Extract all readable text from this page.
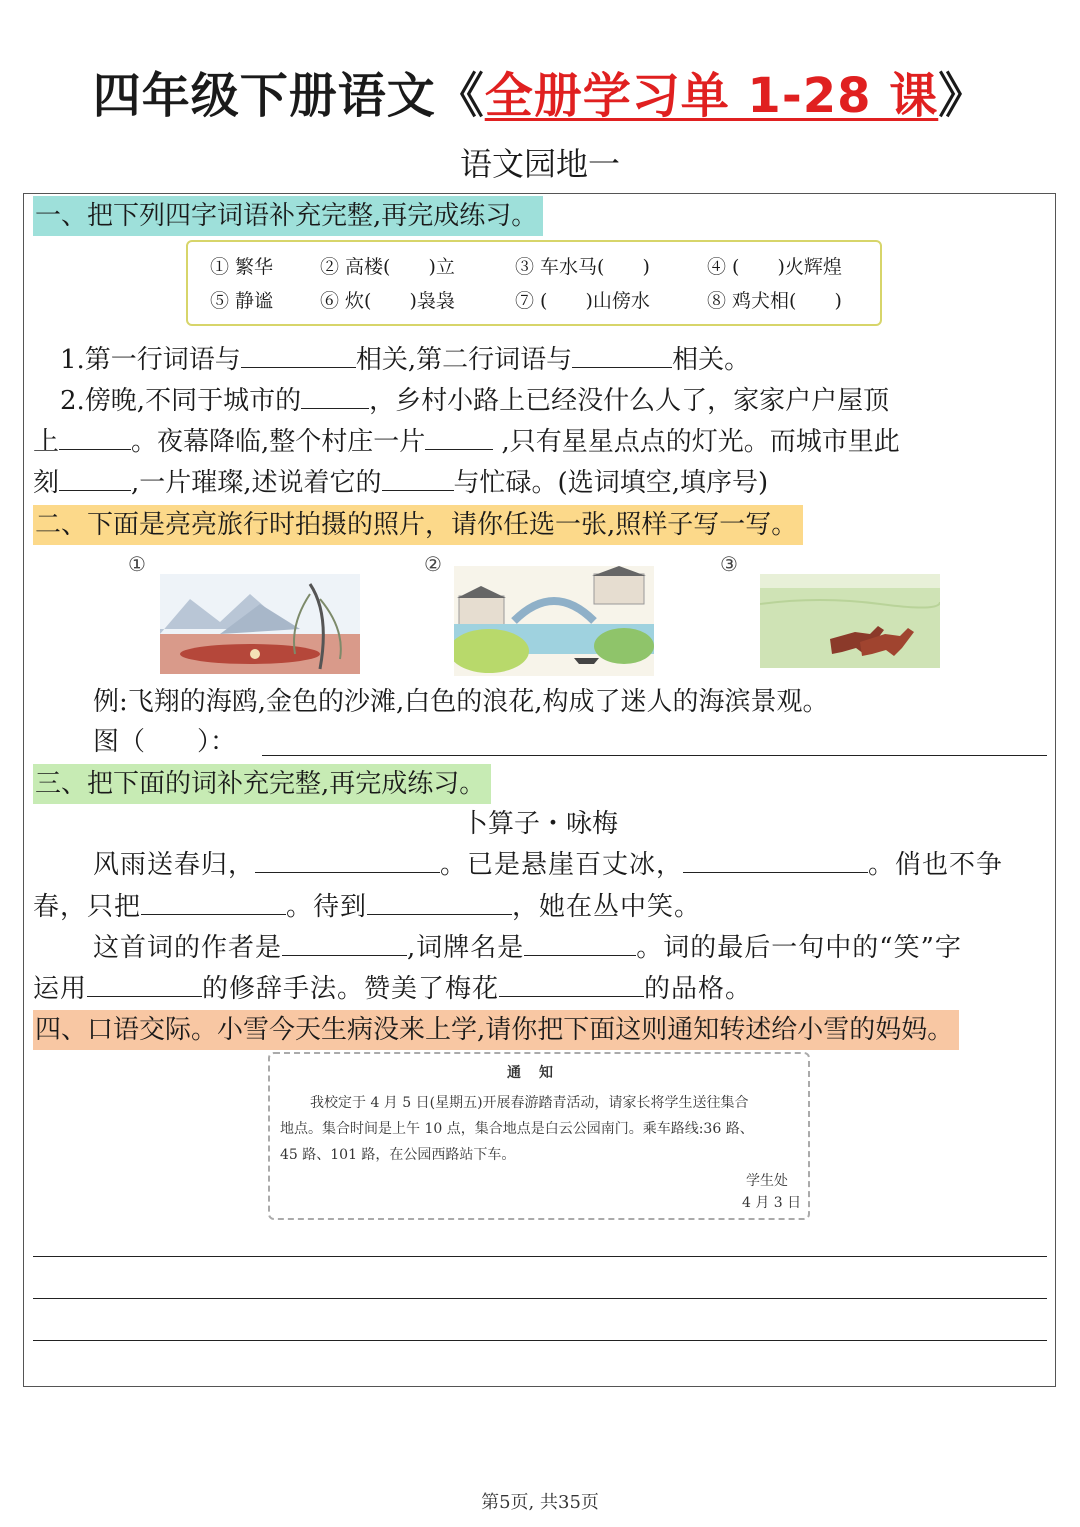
四年级下册语文《全册学习单 1-28 课》
语文园地一
一、把下列四字词语补充完整,再完成练习。
① 繁华 ② 高楼(　　)立	③ 车水马(　　)	④ (　　)火辉煌
⑤ 静谧 ⑥ 炊(　　)袅袅	⑦ (　　)山傍水	⑧ 鸡犬相(　　)
1.第一行词语与	相关,第二行词语与	相关。
2.傍晚,不同于城市的	，乡村小路上已经没什么人了，家家户户屋顶
上	。夜幕降临,整个村庄一片	,只有星星点点的灯光。而城市里此
刻	,一片璀璨,述说着它的	与忙碌。(选词填空,填序号)
二、下面是亮亮旅行时拍摄的照片，请你任选一张,照样子写一写。
①	②	③
例:飞翔的海鸥,金色的沙滩,白色的浪花,构成了迷人的海滨景观。
图（　　）：
三、把下面的词补充完整,再完成练习。
卜算子・咏梅
风雨送春归，	。已是悬崖百丈冰，	。俏也不争
春，只把	。待到	，她在丛中笑。
这首词的作者是	,词牌名是	。词的最后一句中的“笑”字
运用	的修辞手法。赞美了梅花	的品格。
四、口语交际。小雪今天生病没来上学,请你把下面这则通知转述给小雪的妈妈。
通知
我校定于 4 月 5 日(星期五)开展春游踏青活动，请家长将学生送往集合
地点。集合时间是上午 10 点，集合地点是白云公园南门。乘车路线:36 路、
45 路、101 路，在公园西路站下车。
学生处
4 月 3 日
第5页, 共35页
